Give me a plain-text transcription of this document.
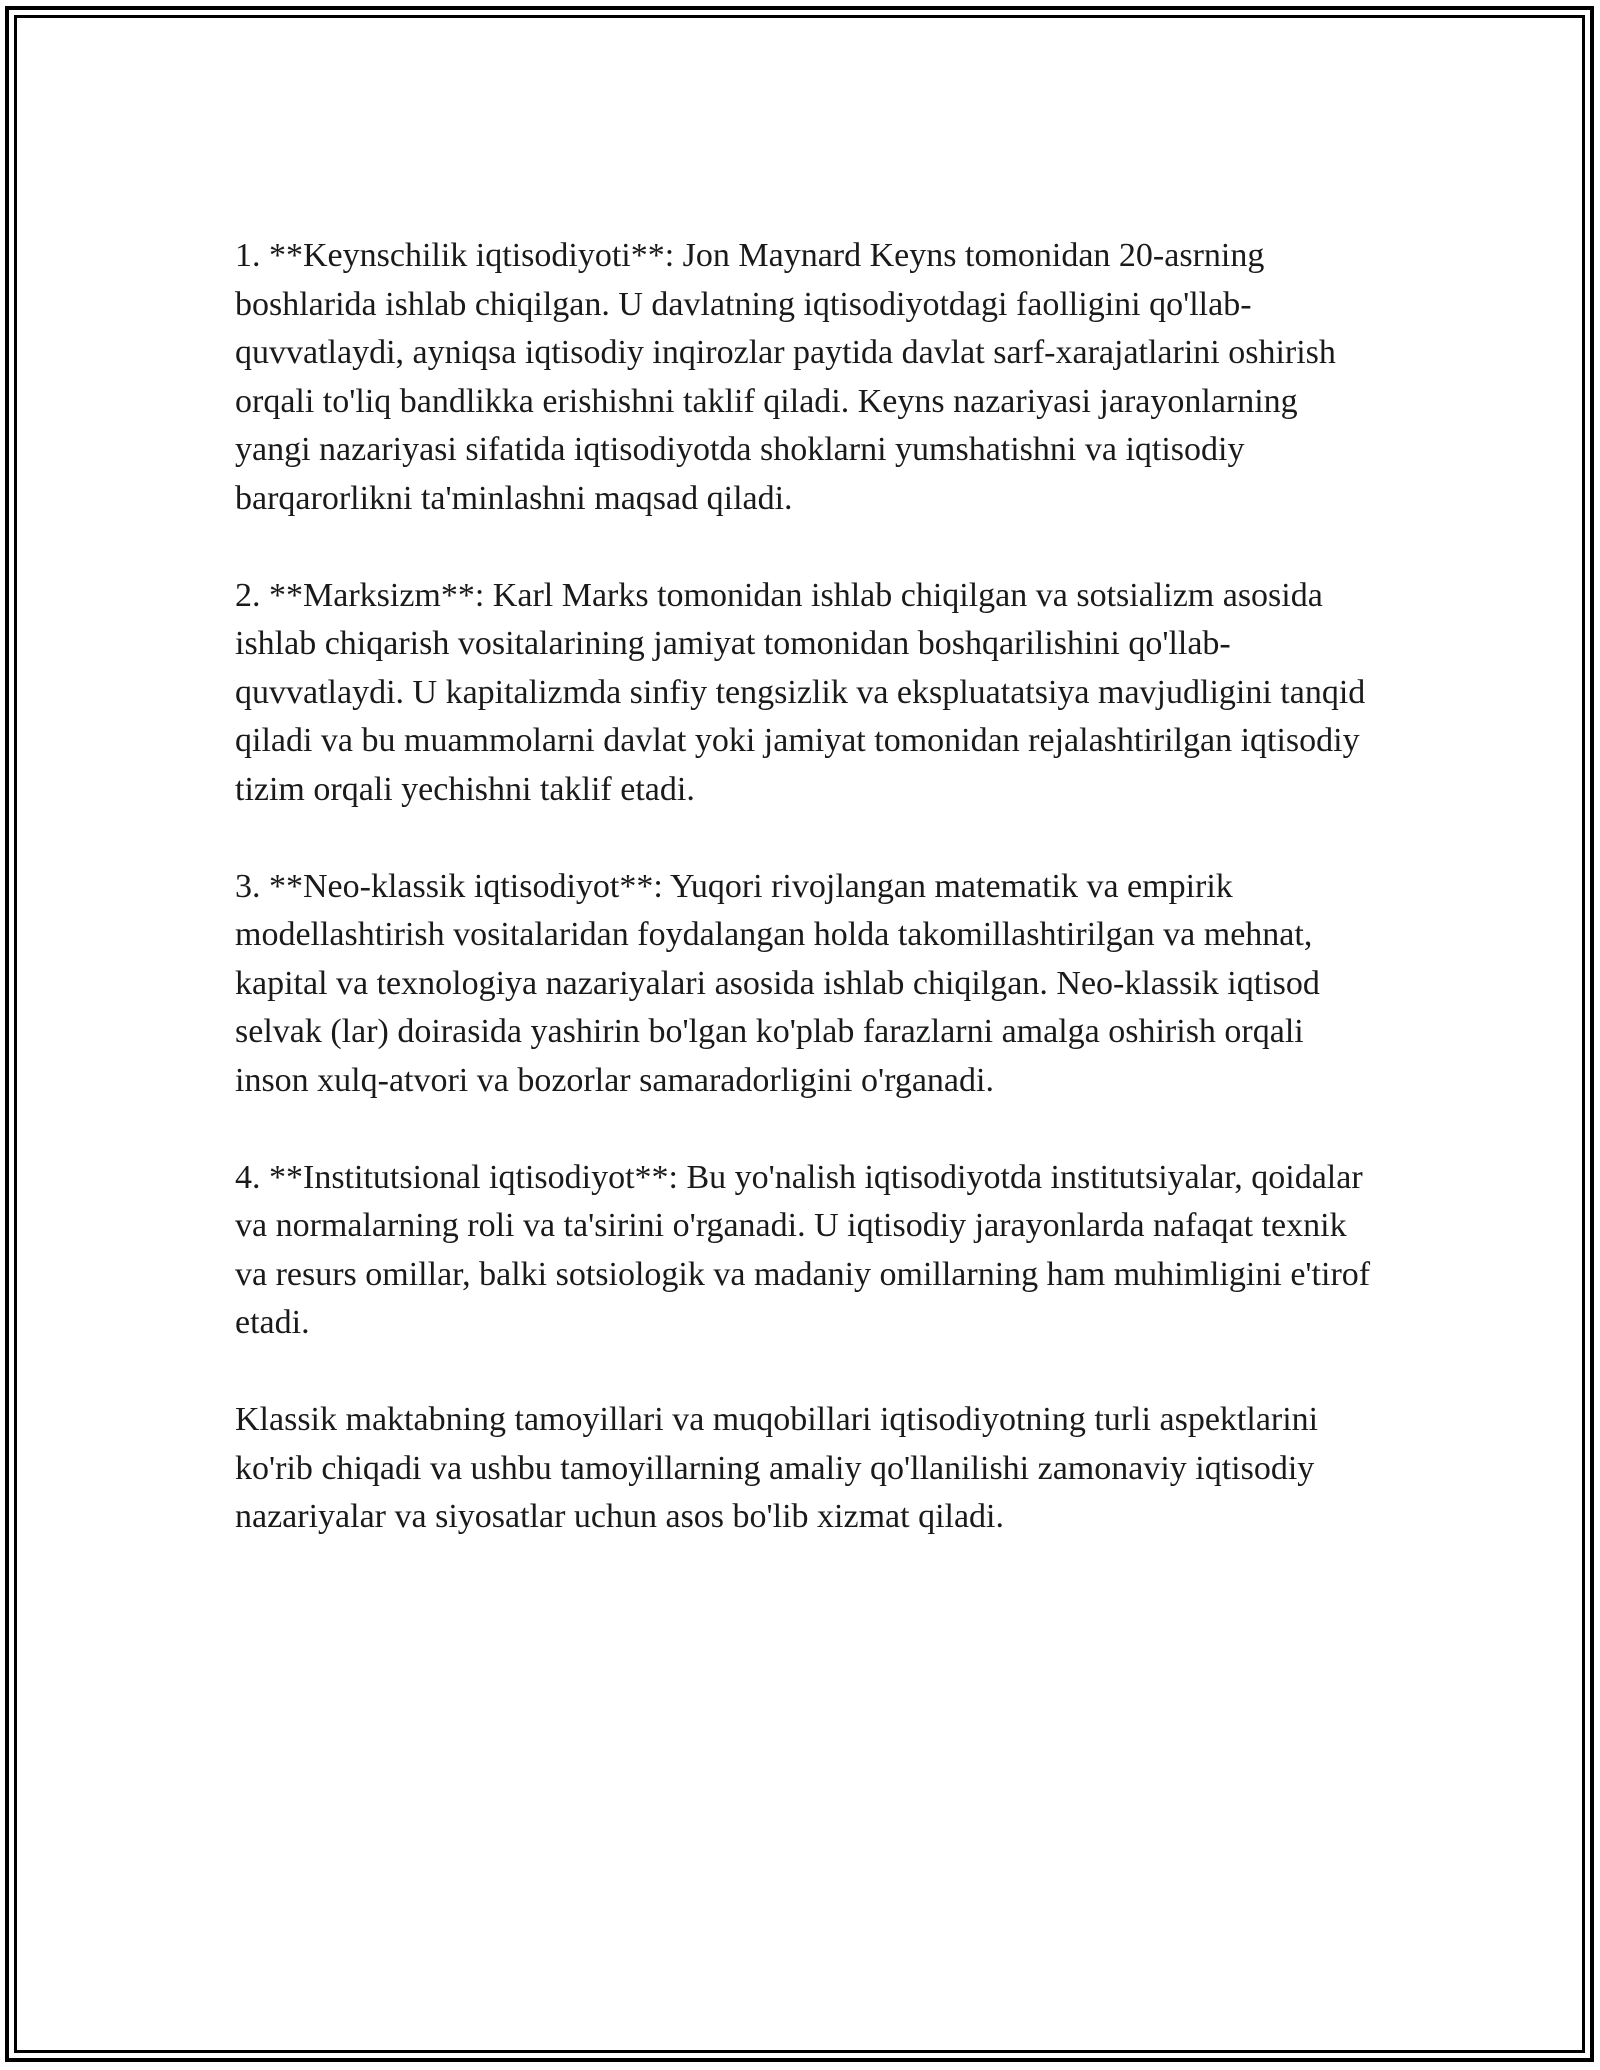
1. **Keynschilik iqtisodiyoti**: Jon Maynard Keyns tomonidan 20-asrning boshlarida ishlab chiqilgan. U davlatning iqtisodiyotdagi faolligini qo'llab-quvvatlaydi, ayniqsa iqtisodiy inqirozlar paytida davlat sarf-xarajatlarini oshirish orqali to'liq bandlikka erishishni taklif qiladi. Keyns nazariyasi jarayonlarning yangi nazariyasi sifatida iqtisodiyotda shoklarni yumshatishni va iqtisodiy barqarorlikni ta'minlashni maqsad qiladi.

2. **Marksizm**: Karl Marks tomonidan ishlab chiqilgan va sotsializm asosida ishlab chiqarish vositalarining jamiyat tomonidan boshqarilishini qo'llab-quvvatlaydi. U kapitalizmda sinfiy tengsizlik va ekspluatatsiya mavjudligini tanqid qiladi va bu muammolarni davlat yoki jamiyat tomonidan rejalashtirilgan iqtisodiy tizim orqali yechishni taklif etadi.

3. **Neo-klassik iqtisodiyot**: Yuqori rivojlangan matematik va empirik modellashtirish vositalaridan foydalangan holda takomillashtirilgan va mehnat, kapital va texnologiya nazariyalari asosida ishlab chiqilgan. Neo-klassik iqtisod selvak (lar) doirasida yashirin bo'lgan ko'plab farazlarni amalga oshirish orqali inson xulq-atvori va bozorlar samaradorligini o'rganadi.

4. **Institutsional iqtisodiyot**: Bu yo'nalish iqtisodiyotda institutsiyalar, qoidalar va normalarning roli va ta'sirini o'rganadi. U iqtisodiy jarayonlarda nafaqat texnik va resurs omillar, balki sotsiologik va madaniy omillarning ham muhimligini e'tirof etadi.

Klassik maktabning tamoyillari va muqobillari iqtisodiyotning turli aspektlarini ko'rib chiqadi va ushbu tamoyillarning amaliy qo'llanilishi zamonaviy iqtisodiy nazariyalar va siyosatlar uchun asos bo'lib xizmat qiladi.
